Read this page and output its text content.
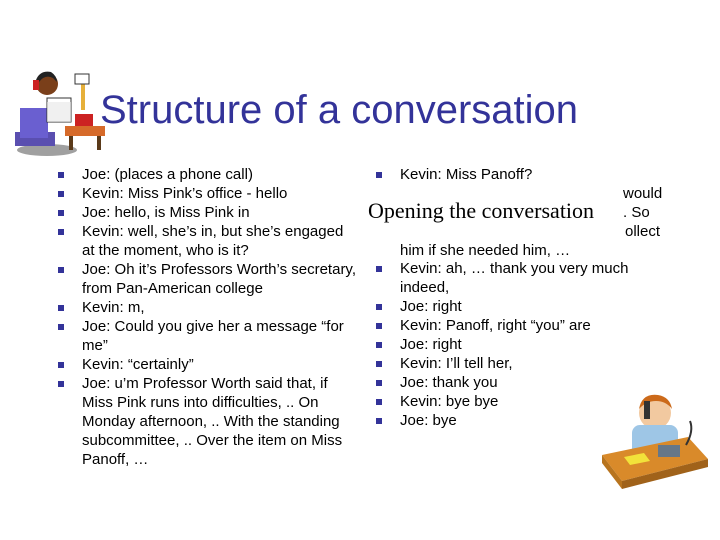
Structure of a conversation
Joe: (places a phone call)
Kevin: Miss Pink’s office - hello
Joe: hello, is Miss Pink in
Kevin: well, she’s in, but she’s engaged at the moment, who is it?
Joe: Oh it’s Professors Worth’s secretary, from Pan-American college
Kevin: m,
Joe: Could you give her a message “for me”
Kevin: “certainly”
Joe: u’m Professor Worth said that, if Miss Pink runs into difficulties, .. On Monday afternoon, .. With the standing subcommittee, .. Over the item on Miss Panoff, …
Kevin: Miss Panoff?
would
. So
ollect
him if she needed him, …
Kevin: ah, … thank you very much indeed,
Joe: right
Kevin: Panoff, right “you” are
Joe: right
Kevin: I’ll tell her,
Joe: thank you
Kevin: bye bye
Joe: bye
Opening the conversation
